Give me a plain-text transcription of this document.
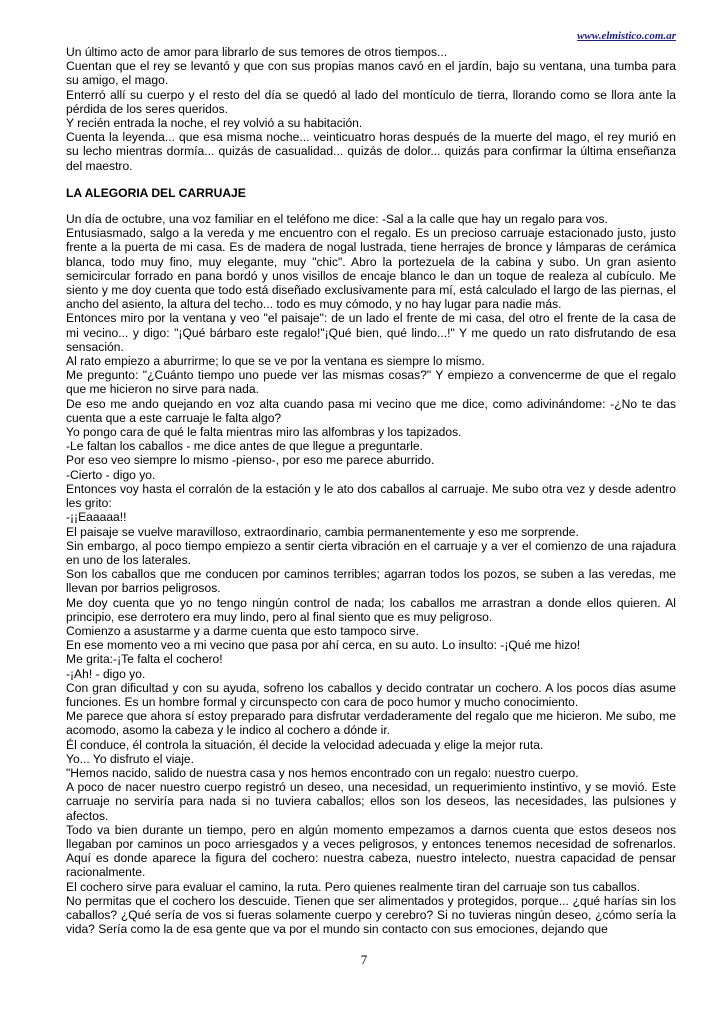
www.elmistico.com.ar

Un último acto de amor para librarlo de sus temores de otros tiempos...

Cuentan que el rey se levantó y que con sus propias manos cavó en el jardín, bajo su ventana, una tumba para su amigo, el mago.

Enterró allí su cuerpo y el resto del día se quedó al lado del montículo de tierra, llorando como se llora ante la pérdida de los seres queridos.

Y recién entrada la noche, el rey volvió a su habitación.

Cuenta la leyenda... que esa misma noche... veinticuatro horas después de la muerte del mago, el rey murió en su lecho mientras dormía... quizás de casualidad... quizás de dolor... quizás para confirmar la última enseñanza del maestro.

LA ALEGORIA DEL CARRUAJE

Un día de octubre, una voz familiar en el teléfono me dice: -Sal a la calle que hay un regalo para vos.

Entusiasmado, salgo a la vereda y me encuentro con el regalo. Es un precioso carruaje estacionado justo, justo frente a la puerta de mi casa. Es de madera de nogal lustrada, tiene herrajes de bronce y lámparas de cerámica blanca, todo muy fino, muy elegante, muy "chic". Abro la portezuela de la cabina y subo. Un gran asiento semicircular forrado en pana bordó y unos visillos de encaje blanco le dan un toque de realeza al cubículo. Me siento y me doy cuenta que todo está diseñado exclusivamente para mí, está calculado el largo de las piernas, el ancho del asiento, la altura del techo... todo es muy cómodo, y no hay lugar para nadie más.

Entonces miro por la ventana y veo "el paisaje": de un lado el frente de mi casa, del otro el frente de la casa de mi vecino... y digo: "¡Qué bárbaro este regalo!"¡Qué bien, qué lindo...!" Y me quedo un rato disfrutando de esa sensación.

Al rato empiezo a aburrirme; lo que se ve por la ventana es siempre lo mismo.

Me pregunto: "¿Cuánto tiempo uno puede ver las mismas cosas?" Y empiezo a convencerme de que el regalo que me hicieron no sirve para nada.

De eso me ando quejando en voz alta cuando pasa mi vecino que me dice, como adivinándome: -¿No te das cuenta que a este carruaje le falta algo?

Yo pongo cara de qué le falta mientras miro las alfombras y los tapizados.

-Le faltan los caballos - me dice antes de que llegue a preguntarle.

Por eso veo siempre lo mismo -pienso-, por eso me parece aburrido.

-Cierto - digo yo.

Entonces voy hasta el corralón de la estación y le ato dos caballos al carruaje. Me subo otra vez y desde adentro les grito:

-¡¡Eaaaaa!!

El paisaje se vuelve maravilloso, extraordinario, cambia permanentemente y eso me sorprende.

Sin embargo, al poco tiempo empiezo a sentir cierta vibración en el carruaje y a ver el comienzo de una rajadura en uno de los laterales.

Son los caballos que me conducen por caminos terribles; agarran todos los pozos, se suben a las veredas, me llevan por barrios peligrosos.

Me doy cuenta que yo no tengo ningún control de nada; los caballos me arrastran a donde ellos quieren. Al principio, ese derrotero era muy lindo, pero al final siento que es muy peligroso.

Comienzo a asustarme y a darme cuenta que esto tampoco sirve.

En ese momento veo a mi vecino que pasa por ahí cerca, en su auto. Lo insulto: -¡Qué me hizo!

Me grita:-¡Te falta el cochero!

-¡Ah! - digo yo.

Con gran dificultad y con su ayuda, sofreno los caballos y decido contratar un cochero. A los pocos días asume funciones. Es un hombre formal y circunspecto con cara de poco humor y mucho conocimiento.

Me parece que ahora sí estoy preparado para disfrutar verdaderamente del regalo que me hicieron. Me subo, me acomodo, asomo la cabeza y le indico al cochero a dónde ir.

Él conduce, él controla la situación, él decide la velocidad adecuada y elige la mejor ruta.

Yo... Yo disfruto el viaje.

"Hemos nacido, salido de nuestra casa y nos hemos encontrado con un regalo: nuestro cuerpo.

A poco de nacer nuestro cuerpo registró un deseo, una necesidad, un requerimiento instintivo, y se movió. Este carruaje no serviría para nada si no tuviera caballos; ellos son los deseos, las necesidades, las pulsiones y afectos.

Todo va bien durante un tiempo, pero en algún momento empezamos a darnos cuenta que estos deseos nos llegaban por caminos un poco arriesgados y a veces peligrosos, y entonces tenemos necesidad de sofrenarlos. Aquí es donde aparece la figura del cochero: nuestra cabeza, nuestro intelecto, nuestra capacidad de pensar racionalmente.

El cochero sirve para evaluar el camino, la ruta. Pero quienes realmente tiran del carruaje son tus caballos.

No permitas que el cochero los descuide. Tienen que ser alimentados y protegidos, porque... ¿qué harías sin los caballos? ¿Qué sería de vos si fueras solamente cuerpo y cerebro? Si no tuvieras ningún deseo, ¿cómo sería la vida? Sería como la de esa gente que va por el mundo sin contacto con sus emociones, dejando que

7
